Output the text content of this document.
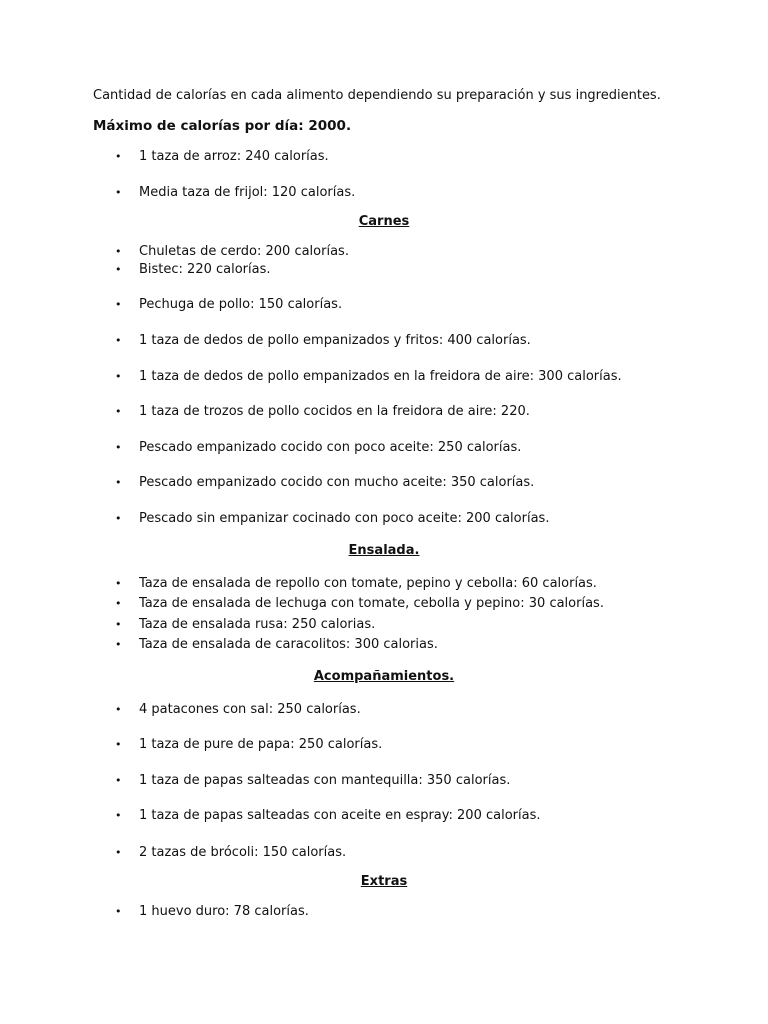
Cantidad de calorías en cada alimento dependiendo su preparación y sus ingredientes.
Máximo de calorías por día: 2000.
• 1 taza de arroz: 240 calorías.
• Media taza de frijol: 120 calorías.
Carnes
• Chuletas de cerdo: 200 calorías.
• Bistec: 220 calorías.
• Pechuga de pollo: 150 calorías.
• 1 taza de dedos de pollo empanizados y fritos: 400 calorías.
• 1 taza de dedos de pollo empanizados en la freidora de aire: 300 calorías.
• 1 taza de trozos de pollo cocidos en la freidora de aire: 220.
• Pescado empanizado cocido con poco aceite: 250 calorías.
• Pescado empanizado cocido con mucho aceite: 350 calorías.
• Pescado sin empanizar cocinado con poco aceite: 200 calorías.
Ensalada.
• Taza de ensalada de repollo con tomate, pepino y cebolla: 60 calorías.
• Taza de ensalada de lechuga con tomate, cebolla y pepino: 30 calorías.
• Taza de ensalada rusa: 250 calorias.
• Taza de ensalada de caracolitos: 300 calorias.
Acompañamientos.
• 4 patacones con sal: 250 calorías.
• 1 taza de pure de papa: 250 calorías.
• 1 taza de papas salteadas con mantequilla: 350 calorías.
• 1 taza de papas salteadas con aceite en espray: 200 calorías.
• 2 tazas de brócoli: 150 calorías.
Extras
• 1 huevo duro: 78 calorías.
